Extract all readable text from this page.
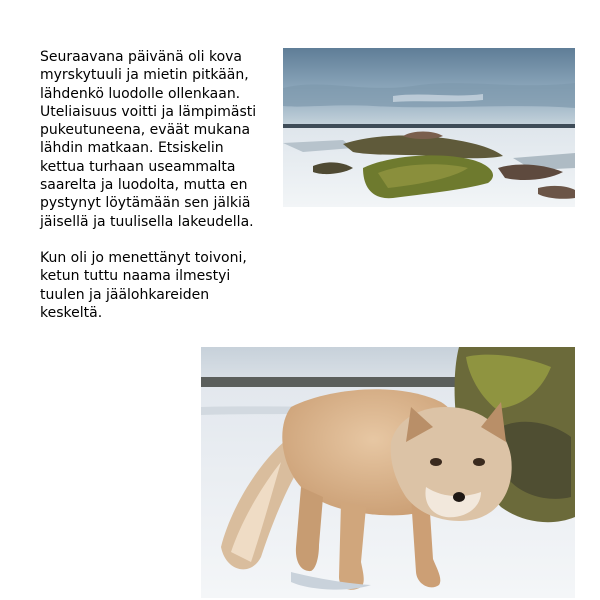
Seuraavana päivänä oli kova
myrskytuuli ja mietin pitkään,
lähdenkö luodolle ollenkaan.
Uteliaisuus voitti ja lämpimästi
pukeutuneena, eväät mukana
lähdin matkaan. Etsiskelin
kettua turhaan useammalta
saarelta ja luodolta, mutta en
pystynyt löytämään sen jälkiä
jäisellä ja tuulisella lakeudella.

Kun oli jo menettänyt toivoni,
ketun tuttu naama ilmestyi
tuulen ja jäälohkareiden
keskeltä.
